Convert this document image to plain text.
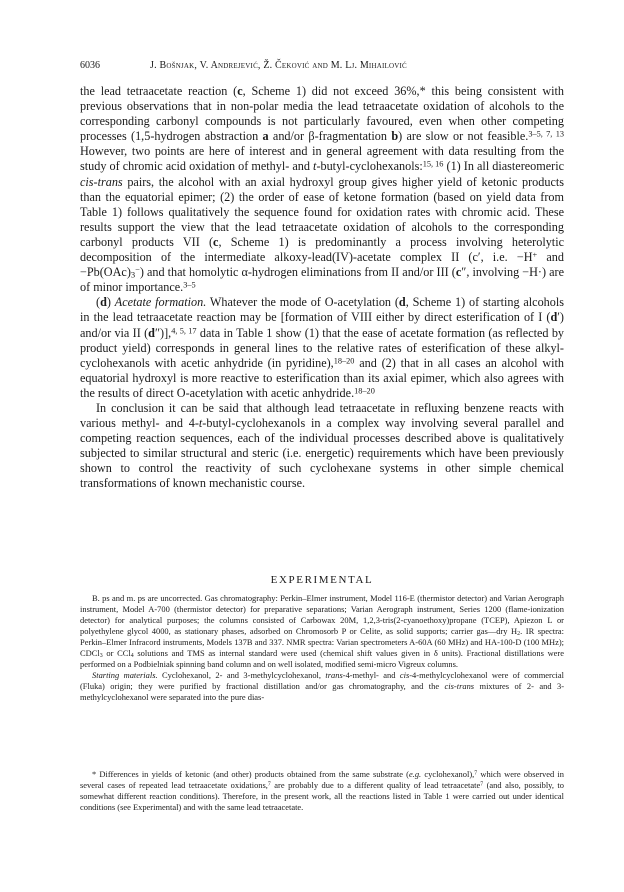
6036	J. Bošnjak, V. Andrejević, Ž. Čeković and M. Lj. Mihailović

the lead tetraacetate reaction (c, Scheme 1) did not exceed 36%,* this being consistent with previous observations that in non-polar media the lead tetraacetate oxidation of alcohols to the corresponding carbonyl compounds is not particularly favoured, even when other competing processes (1,5-hydrogen abstraction a and/or β-fragmentation b) are slow or not feasible.$^{3-5, 7, 13}$ However, two points are here of interest and in general agreement with data resulting from the study of chromic acid oxidation of methyl- and t-butyl-cyclohexanols:$^{15, 16}$ (1) In all diastereomeric cis-trans pairs, the alcohol with an axial hydroxyl group gives higher yield of ketonic products than the equatorial epimer; (2) the order of ease of ketone formation (based on yield data from Table 1) follows qualitatively the sequence found for oxidation rates with chromic acid. These results support the view that the lead tetraacetate oxidation of alcohols to the corresponding carbonyl products VII (c, Scheme 1) is predominantly a process involving heterolytic decomposition of the intermediate alkoxy-lead(IV)-acetate complex II (c′, i.e. −H+ and $-Pb(OAc)_3^-$) and that homolytic α-hydrogen eliminations from II and/or III (c″, involving −H·) are of minor importance.$^{3-5}$

(d) Acetate formation. Whatever the mode of O-acetylation (d, Scheme 1) of starting alcohols in the lead tetraacetate reaction may be [formation of VIII either by direct esterification of I (d′) and/or via II (d″)],$^{4, 5, 17}$ data in Table 1 show (1) that the ease of acetate formation (as reflected by product yield) corresponds in general lines to the relative rates of esterification of these alkyl-cyclohexanols with acetic anhydride (in pyridine),$^{18-20}$ and (2) that in all cases an alcohol with equatorial hydroxyl is more reactive to esterification than its axial epimer, which also agrees with the results of direct O-acetylation with acetic anhydride.$^{18-20}$

In conclusion it can be said that although lead tetraacetate in refluxing benzene reacts with various methyl- and 4-t-butyl-cyclohexanols in a complex way involving several parallel and competing reaction sequences, each of the individual processes described above is qualitatively subjected to similar structural and steric (i.e. energetic) requirements which have been previously shown to control the reactivity of such cyclohexane systems in other simple chemical transformations of known mechanistic course.

EXPERIMENTAL

B. ps and m. ps are uncorrected. Gas chromatography: Perkin–Elmer instrument, Model 116-E (thermistor detector) and Varian Aerograph instrument, Model A-700 (thermistor detector) for preparative separations; Varian Aerograph instrument, Series 1200 (flame-ionization detector) for analytical purposes; the columns consisted of Carbowax 20M, 1,2,3-tris(2-cyanoethoxy)propane (TCEP), Apiezon L or polyethylene glycol 4000, as stationary phases, adsorbed on Chromosorb P or Celite, as solid supports; carrier gas—dry $H_2$. IR spectra: Perkin–Elmer Infracord instruments, Models 137B and 337. NMR spectra: Varian spectrometers A-60A (60 MHz) and HA-100-D (100 MHz); CDCl$_3$ or CCl$_4$ solutions and TMS as internal standard were used (chemical shift values given in δ units). Fractional distillations were performed on a Podbielniak spinning band column and on well isolated, modified semi-micro Vigreux columns.

Starting materials. Cyclohexanol, 2- and 3-methylcyclohexanol, trans-4-methyl- and cis-4-methylcyclohexanol were of commercial (Fluka) origin; they were purified by fractional distillation and/or gas chromatography, and the cis-trans mixtures of 2- and 3-methylcyclohexanol were separated into the pure dias-

* Differences in yields of ketonic (and other) products obtained from the same substrate (e.g. cyclohexanol),$^7$ which were observed in several cases of repeated lead tetraacetate oxidations,$^7$ are probably due to a different quality of lead tetraacetate$^7$ (and also, possibly, to somewhat different reaction conditions). Therefore, in the present work, all the reactions listed in Table 1 were carried out under identical conditions (see Experimental) and with the same lead tetraacetate.
